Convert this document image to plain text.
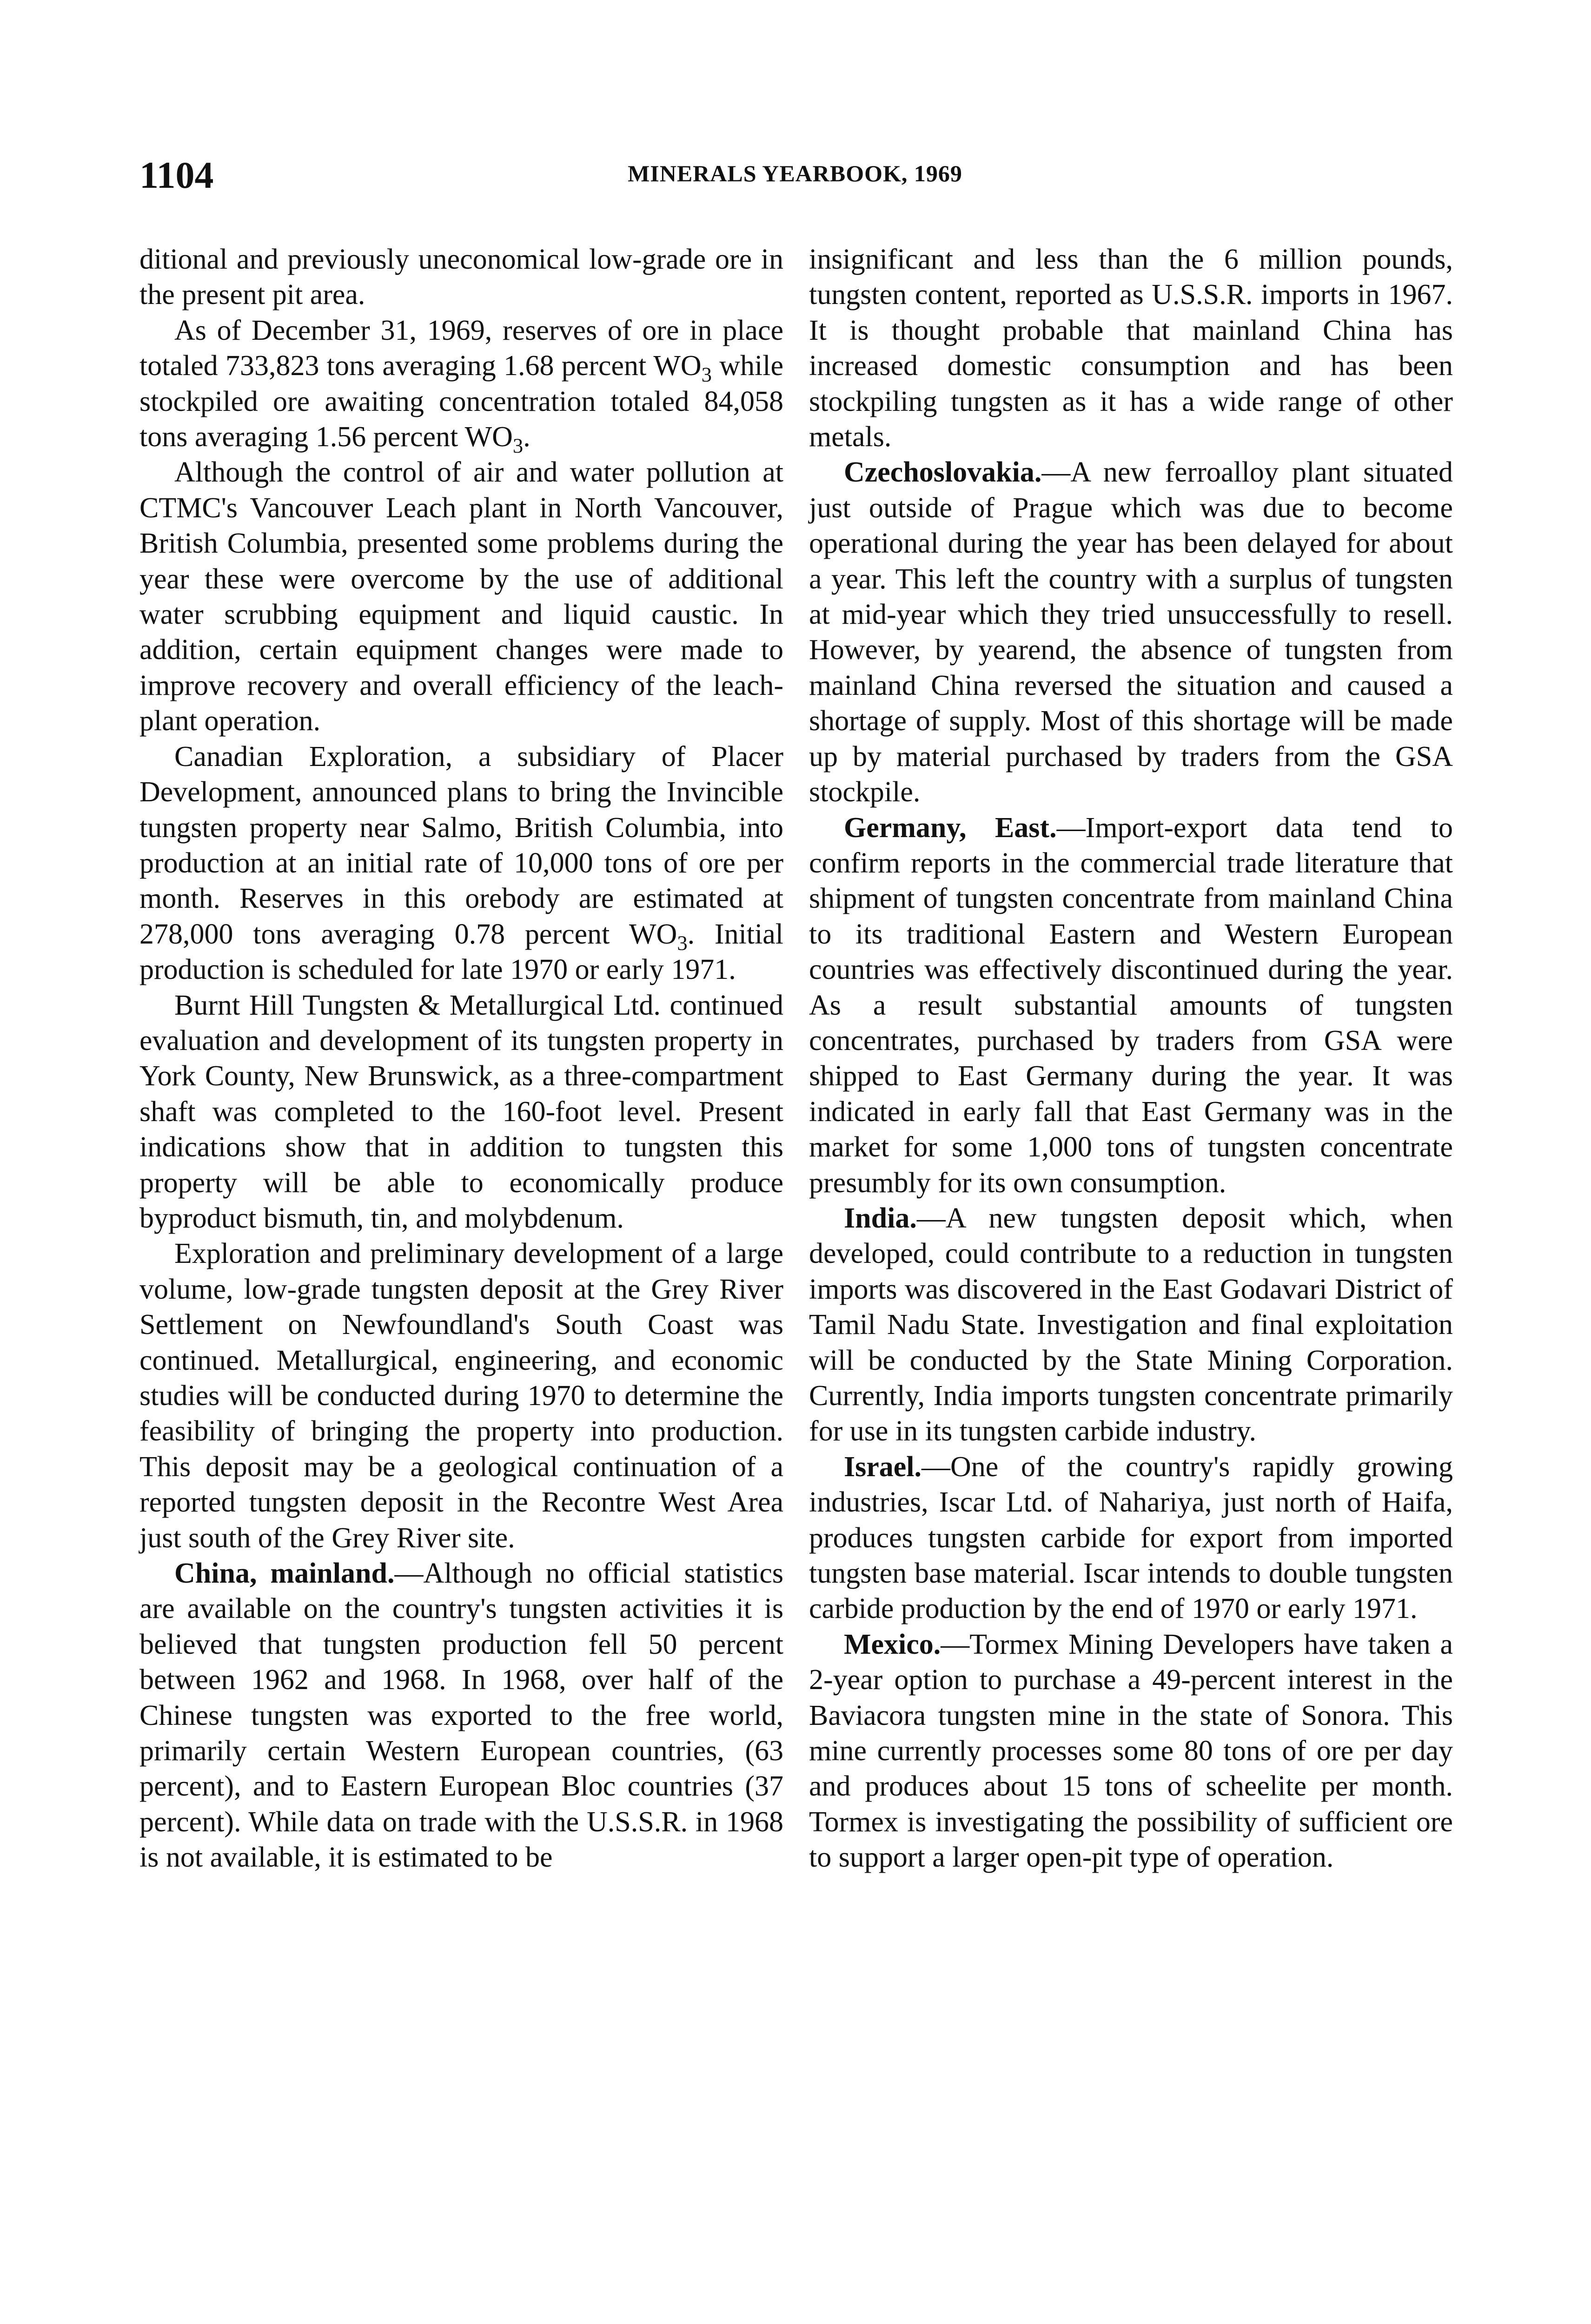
1104	MINERALS YEARBOOK, 1969

ditional and previously uneconomical low-grade ore in the present pit area.

As of December 31, 1969, reserves of ore in place totaled 733,823 tons averaging 1.68 percent $WO_3$ while stockpiled ore awaiting concentration totaled 84,058 tons averaging 1.56 percent $WO_3$.

Although the control of air and water pollution at CTMC's Vancouver Leach plant in North Vancouver, British Columbia, presented some problems during the year these were overcome by the use of additional water scrubbing equipment and liquid caustic. In addition, certain equipment changes were made to improve recovery and overall efficiency of the leach-plant operation.

Canadian Exploration, a subsidiary of Placer Development, announced plans to bring the Invincible tungsten property near Salmo, British Columbia, into production at an initial rate of 10,000 tons of ore per month. Reserves in this orebody are estimated at 278,000 tons averaging 0.78 percent $WO_3$. Initial production is scheduled for late 1970 or early 1971.

Burnt Hill Tungsten & Metallurgical Ltd. continued evaluation and development of its tungsten property in York County, New Brunswick, as a three-compartment shaft was completed to the 160-foot level. Present indications show that in addition to tungsten this property will be able to economically produce byproduct bismuth, tin, and molybdenum.

Exploration and preliminary development of a large volume, low-grade tungsten deposit at the Grey River Settlement on Newfoundland's South Coast was continued. Metallurgical, engineering, and economic studies will be conducted during 1970 to determine the feasibility of bringing the property into production. This deposit may be a geological continuation of a reported tungsten deposit in the Recontre West Area just south of the Grey River site.

China, mainland.—Although no official statistics are available on the country's tungsten activities it is believed that tungsten production fell 50 percent between 1962 and 1968. In 1968, over half of the Chinese tungsten was exported to the free world, primarily certain Western European countries, (63 percent), and to Eastern European Bloc countries (37 percent). While data on trade with the U.S.S.R. in 1968 is not available, it is estimated to be

insignificant and less than the 6 million pounds, tungsten content, reported as U.S.S.R. imports in 1967. It is thought probable that mainland China has increased domestic consumption and has been stockpiling tungsten as it has a wide range of other metals.

Czechoslovakia.—A new ferroalloy plant situated just outside of Prague which was due to become operational during the year has been delayed for about a year. This left the country with a surplus of tungsten at mid-year which they tried unsuccessfully to resell. However, by yearend, the absence of tungsten from mainland China reversed the situation and caused a shortage of supply. Most of this shortage will be made up by material purchased by traders from the GSA stockpile.

Germany, East.—Import-export data tend to confirm reports in the commercial trade literature that shipment of tungsten concentrate from mainland China to its traditional Eastern and Western European countries was effectively discontinued during the year. As a result substantial amounts of tungsten concentrates, purchased by traders from GSA were shipped to East Germany during the year. It was indicated in early fall that East Germany was in the market for some 1,000 tons of tungsten concentrate presumbly for its own consumption.

India.—A new tungsten deposit which, when developed, could contribute to a reduction in tungsten imports was discovered in the East Godavari District of Tamil Nadu State. Investigation and final exploitation will be conducted by the State Mining Corporation. Currently, India imports tungsten concentrate primarily for use in its tungsten carbide industry.

Israel.—One of the country's rapidly growing industries, Iscar Ltd. of Nahariya, just north of Haifa, produces tungsten carbide for export from imported tungsten base material. Iscar intends to double tungsten carbide production by the end of 1970 or early 1971.

Mexico.—Tormex Mining Developers have taken a 2-year option to purchase a 49-percent interest in the Baviacora tungsten mine in the state of Sonora. This mine currently processes some 80 tons of ore per day and produces about 15 tons of scheelite per month. Tormex is investigating the possibility of sufficient ore to support a larger open-pit type of operation.
